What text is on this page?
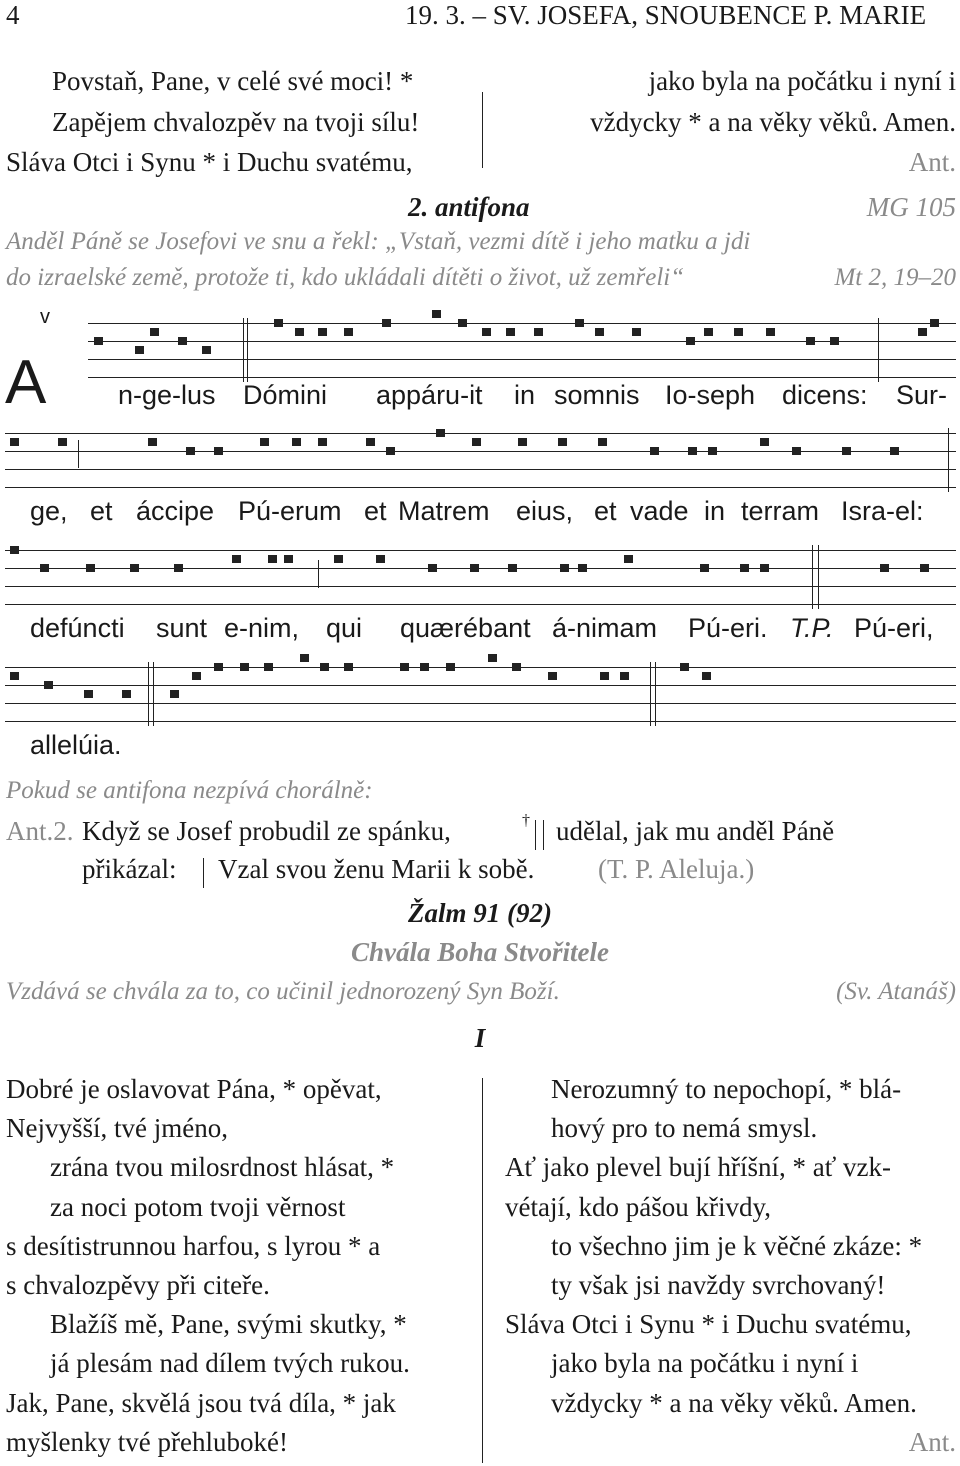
4	19. 3. – SV. JOSEFA, SNOUBENCE P. MARIE
Povstaň, Pane, v celé své moci! *
Zapějem chvalozpěv na tvoji sílu!
Sláva Otci i Synu * i Duchu svatému,
jako byla na počátku i nyní i
vždycky * a na věky věků. Amen.
Ant.
2. antifona	MG 105
Anděl Páně se Josefovi ve snu a řekl: „Vstaň, vezmi dítě i jeho matku a jdi
do izraelské země, protože ti, kdo ukládali dítěti o život, už zemřeli“	Mt 2, 19–20
v
A	n-ge-lus Dómini appáru-it in somnis Io-seph dicens: Sur-
ge, et áccipe Pú-erum et Matrem eius, et vade in terram Isra-el:
defúncti sunt e-nim, qui quærébant á-nimam Pú-eri. T.P. Pú-eri,
allelúia.
Pokud se antifona nezpívá chorálně:
Ant.2. Když se Josef probudil ze spánku,	† udělal, jak mu anděl Páně
přikázal: Vzal svou ženu Marii k sobě. (T. P. Aleluja.)
Žalm 91 (92)
Chvála Boha Stvořitele
Vzdává se chvála za to, co učinil jednorozený Syn Boží.	(Sv. Atanáš)
I
Dobré je oslavovat Pána, * opěvat,
Nejvyšší, tvé jméno,
zrána tvou milosrdnost hlásat, *
za noci potom tvoji věrnost
s desítistrunnou harfou, s lyrou * a
s chvalozpěvy při citeře.
Blažíš mě, Pane, svými skutky, *
já plesám nad dílem tvých rukou.
Jak, Pane, skvělá jsou tvá díla, * jak
myšlenky tvé přehluboké!
Nerozumný to nepochopí, * blá-
hový pro to nemá smysl.
Ať jako plevel bují hříšní, * ať vzk-
vétají, kdo pášou křivdy,
to všechno jim je k věčné zkáze: *
ty však jsi navždy svrchovaný!
Sláva Otci i Synu * i Duchu svatému,
jako byla na počátku i nyní i
vždycky * a na věky věků. Amen.
Ant.
